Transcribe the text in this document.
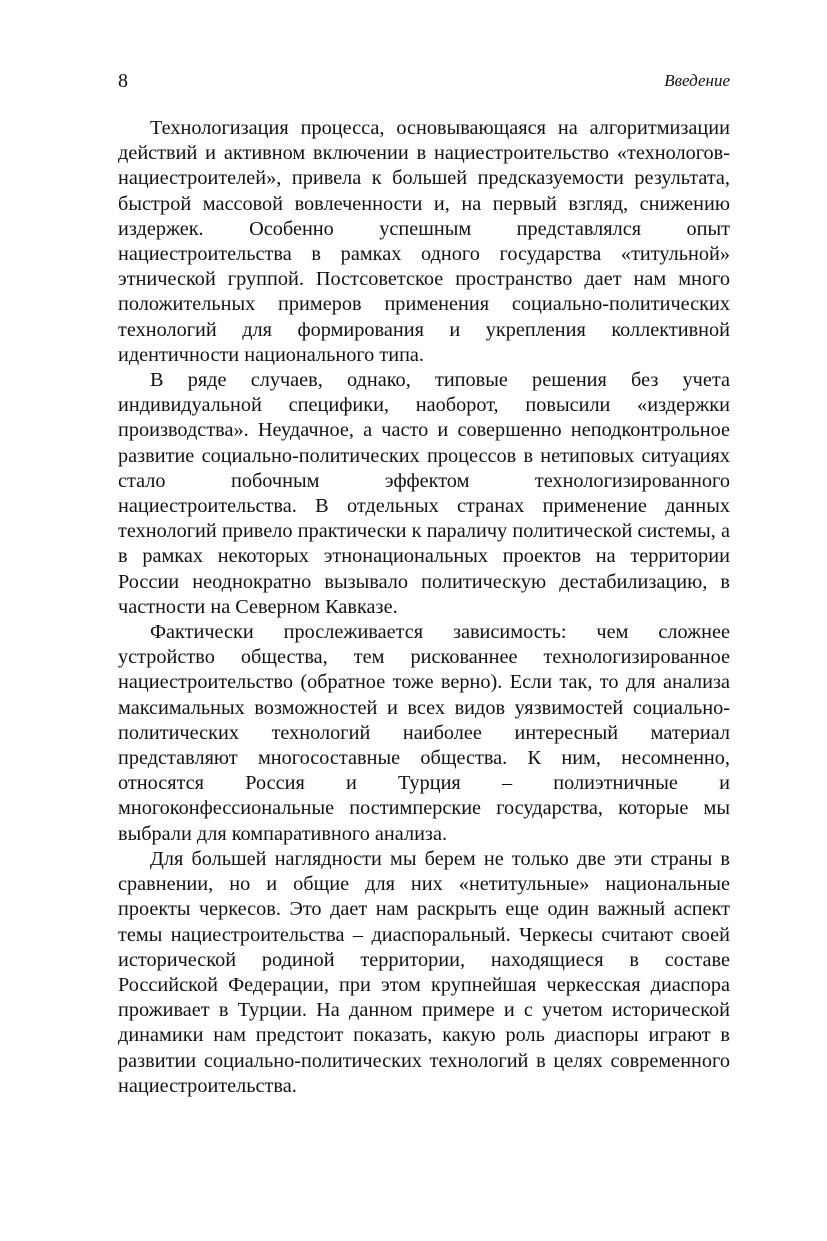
8	Введение

Технологизация процесса, основывающаяся на алгоритмизации действий и активном включении в нациестроительство «технологов-нациестроителей», привела к большей предсказуемости результата, быстрой массовой вовлеченности и, на первый взгляд, снижению издержек. Особенно успешным представлялся опыт нациестроительства в рамках одного государства «титульной» этнической группой. Постсоветское пространство дает нам много положительных примеров применения социально-политических технологий для формирования и укрепления коллективной идентичности национального типа.

В ряде случаев, однако, типовые решения без учета индивидуальной специфики, наоборот, повысили «издержки производства». Неудачное, а часто и совершенно неподконтрольное развитие социально-политических процессов в нетиповых ситуациях стало побочным эффектом технологизированного нациестроительства. В отдельных странах применение данных технологий привело практически к параличу политической системы, а в рамках некоторых этнонациональных проектов на территории России неоднократно вызывало политическую дестабилизацию, в частности на Северном Кавказе.

Фактически прослеживается зависимость: чем сложнее устройство общества, тем рискованнее технологизированное нациестроительство (обратное тоже верно). Если так, то для анализа максимальных возможностей и всех видов уязвимостей социально-политических технологий наиболее интересный материал представляют многосоставные общества. К ним, несомненно, относятся Россия и Турция – полиэтничные и многоконфессиональные постимперские государства, которые мы выбрали для компаративного анализа.

Для большей наглядности мы берем не только две эти страны в сравнении, но и общие для них «нетитульные» национальные проекты черкесов. Это дает нам раскрыть еще один важный аспект темы нациестроительства – диаспоральный. Черкесы считают своей исторической родиной территории, находящиеся в составе Российской Федерации, при этом крупнейшая черкесская диаспора проживает в Турции. На данном примере и с учетом исторической динамики нам предстоит показать, какую роль диаспоры играют в развитии социально-политических технологий в целях современного нациестроительства.
